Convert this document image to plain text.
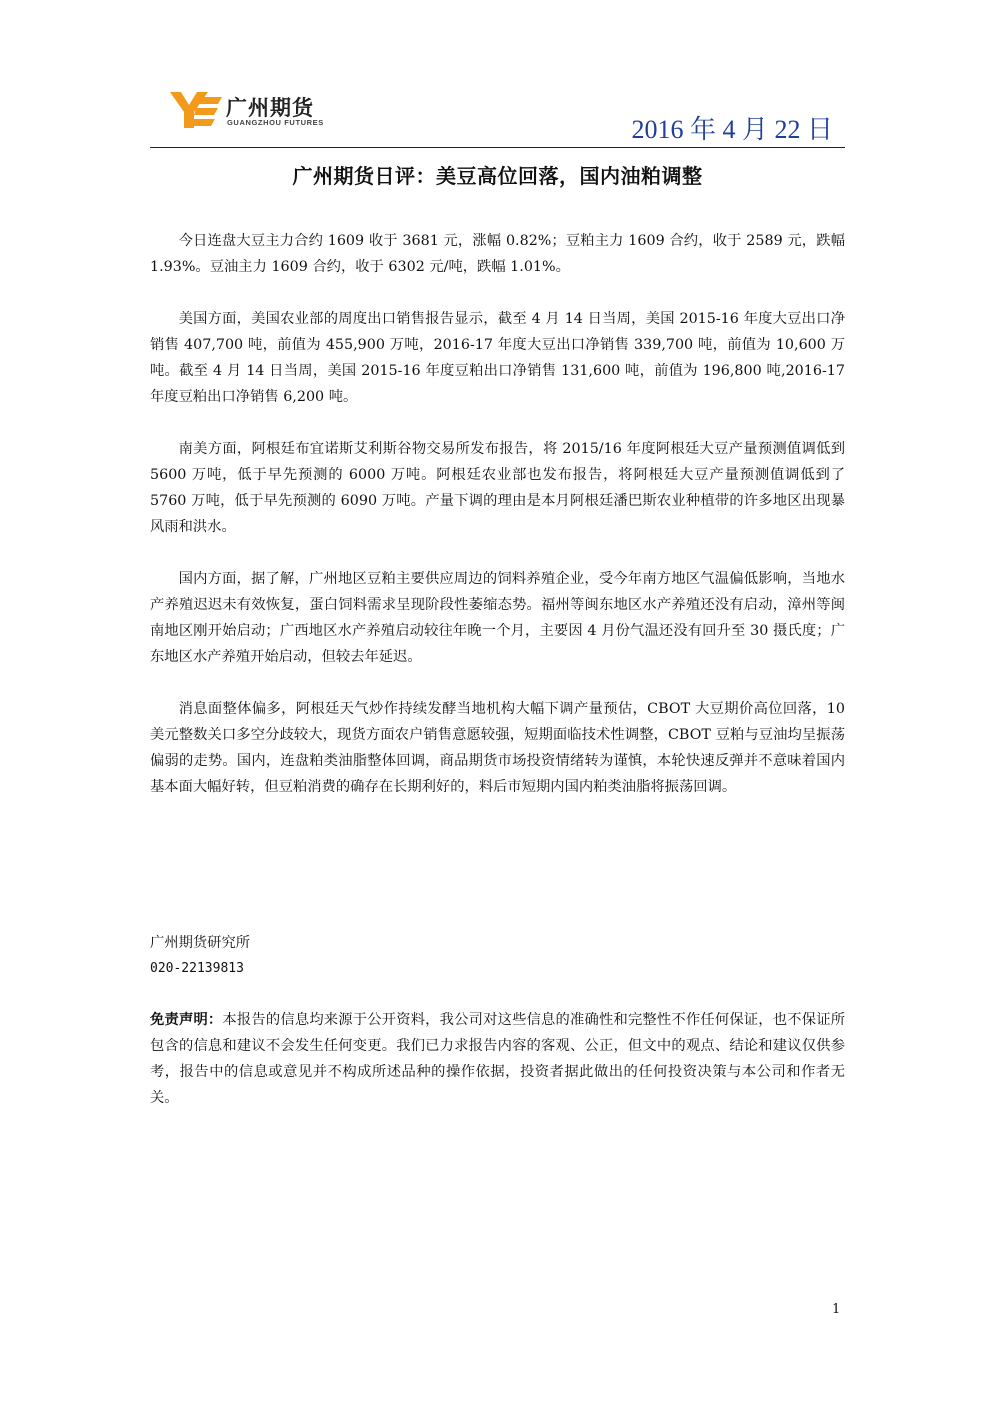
广州期货
GUANGZHOU FUTURES	2016 年 4 月 22 日
广州期货日评：美豆高位回落，国内油粕调整

今日连盘大豆主力合约 1609 收于 3681 元，涨幅 0.82%；豆粕主力 1609 合约，收于 2589 元，跌幅 1.93%。豆油主力 1609 合约，收于 6302 元/吨，跌幅 1.01%。

美国方面，美国农业部的周度出口销售报告显示，截至 4 月 14 日当周，美国 2015-16 年度大豆出口净销售 407,700 吨，前值为 455,900 万吨，2016-17 年度大豆出口净销售 339,700 吨，前值为 10,600 万吨。截至 4 月 14 日当周，美国 2015-16 年度豆粕出口净销售 131,600 吨，前值为 196,800 吨,2016-17 年度豆粕出口净销售 6,200 吨。

南美方面，阿根廷布宜诺斯艾利斯谷物交易所发布报告，将 2015/16 年度阿根廷大豆产量预测值调低到 5600 万吨，低于早先预测的 6000 万吨。阿根廷农业部也发布报告，将阿根廷大豆产量预测值调低到了 5760 万吨，低于早先预测的 6090 万吨。产量下调的理由是本月阿根廷潘巴斯农业种植带的许多地区出现暴风雨和洪水。

国内方面，据了解，广州地区豆粕主要供应周边的饲料养殖企业，受今年南方地区气温偏低影响，当地水产养殖迟迟未有效恢复，蛋白饲料需求呈现阶段性萎缩态势。福州等闽东地区水产养殖还没有启动，漳州等闽南地区刚开始启动；广西地区水产养殖启动较往年晚一个月，主要因 4 月份气温还没有回升至 30 摄氏度；广东地区水产养殖开始启动，但较去年延迟。

消息面整体偏多，阿根廷天气炒作持续发酵当地机构大幅下调产量预估，CBOT 大豆期价高位回落，10 美元整数关口多空分歧较大，现货方面农户销售意愿较强，短期面临技术性调整，CBOT 豆粕与豆油均呈振荡偏弱的走势。国内，连盘粕类油脂整体回调，商品期货市场投资情绪转为谨慎，本轮快速反弹并不意味着国内基本面大幅好转，但豆粕消费的确存在长期利好的，料后市短期内国内粕类油脂将振荡回调。

广州期货研究所
020-22139813
免责声明：本报告的信息均来源于公开资料，我公司对这些信息的准确性和完整性不作任何保证，也不保证所包含的信息和建议不会发生任何变更。我们已力求报告内容的客观、公正，但文中的观点、结论和建议仅供参考，报告中的信息或意见并不构成所述品种的操作依据，投资者据此做出的任何投资决策与本公司和作者无关。
1
